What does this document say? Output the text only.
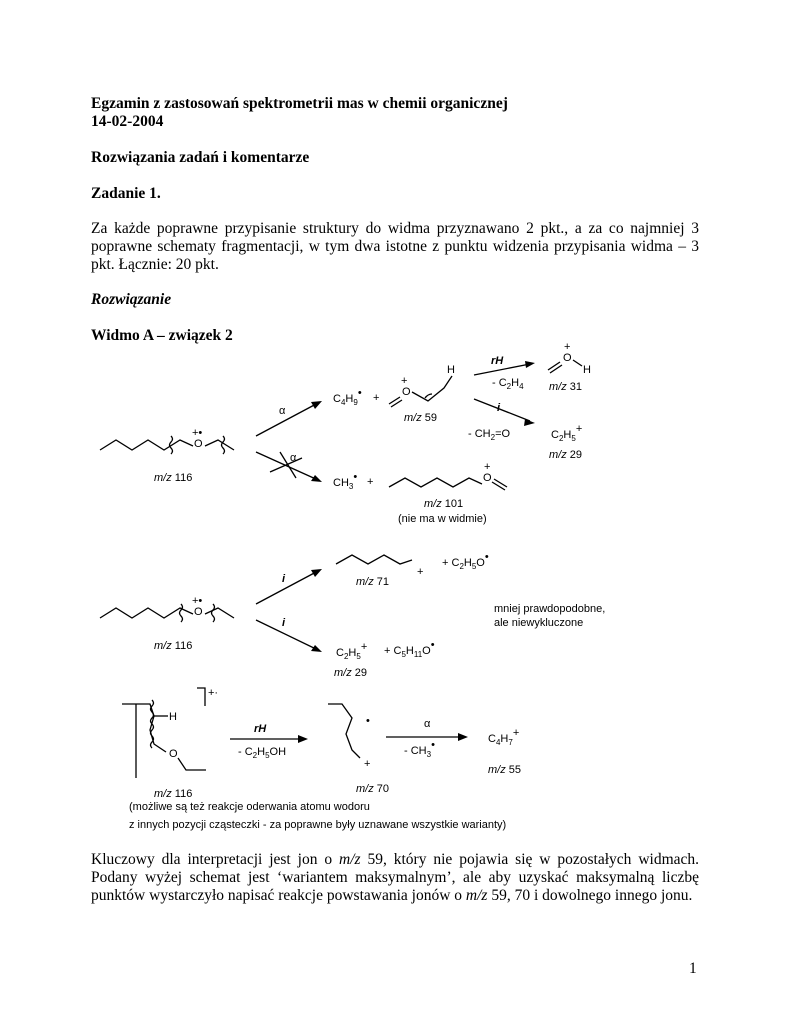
Egzamin z zastosowań spektrometrii mas w chemii organicznej
14-02-2004
Rozwiązania zadań i komentarze
Zadanie 1.
Za każde poprawne przypisanie struktury do widma przyznawano 2 pkt., a za co najmniej 3
poprawne schematy fragmentacji, w tym dwa istotne z punktu widzenia przypisania widma – 3
pkt. Łącznie: 20 pkt.
Rozwiązanie
Widmo A – związek 2
O
+•
m/z 116
α
α
$C_4H_9• + O$
+
H
m/z 59
rH
- $C_2H_4$
O
+
H
m/z 31
i
- $CH_2=O$	$C_2H_5+$
m/z 29
$CH_3•$ +	O
+
m/z 101
(nie ma w widmie)
O
+•
m/z 116
i
i
+
m/z 71
+ $C_2H_5O•$
mniej prawdopodobne,
ale niewykluczone
$C_2H_5+$ + $C_5H_{11}O•$
m/z 29
H
O
+·
m/z 116
rH
- $C_2H_5OH$
•
+
m/z 70
α
- $CH_3•$	$C_4H_7+$
m/z 55
(możliwe są też reakcje oderwania atomu wodoru
z innych pozycji cząsteczki - za poprawne były uznawane wszystkie warianty)
Kluczowy dla interpretacji jest jon o m/z 59, który nie pojawia się w pozostałych widmach.
Podany wyżej schemat jest ‘wariantem maksymalnym’, ale aby uzyskać maksymalną liczbę
punktów wystarczyło napisać reakcje powstawania jonów o m/z 59, 70 i dowolnego innego jonu.
1
